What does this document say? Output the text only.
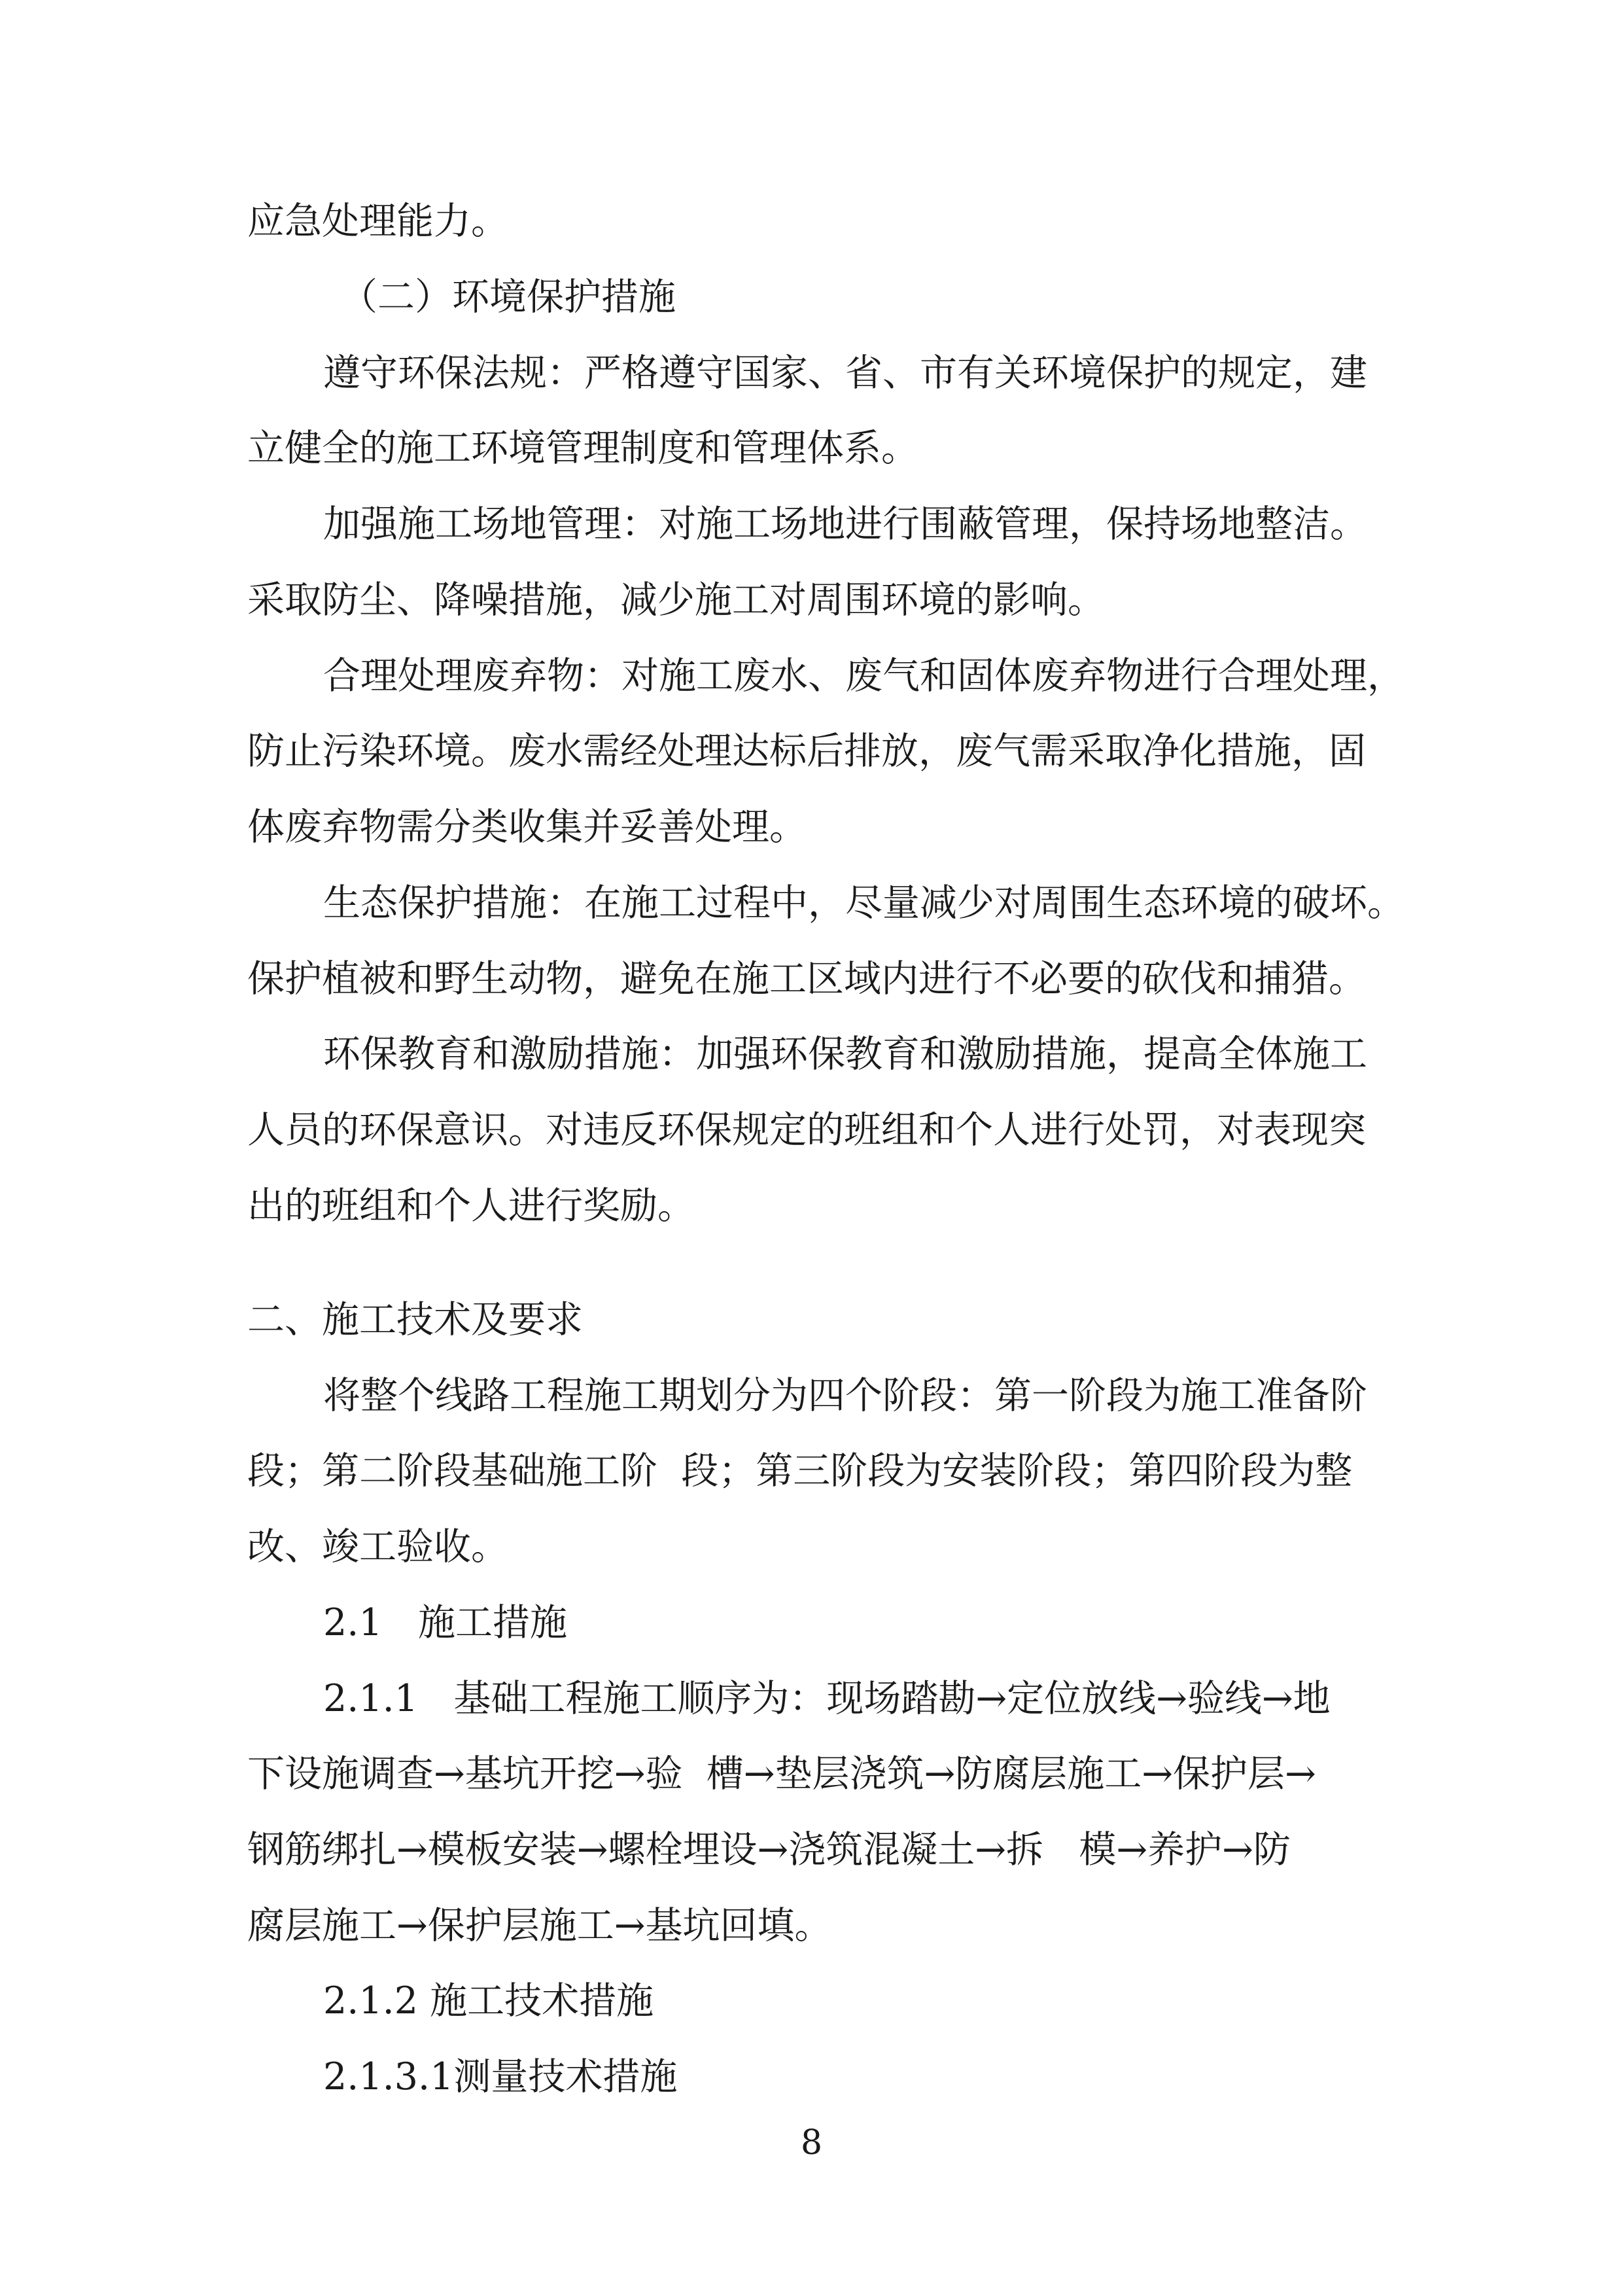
应急处理能力。
（二）环境保护措施
遵守环保法规：严格遵守国家、省、市有关环境保护的规定，建
立健全的施工环境管理制度和管理体系。
加强施工场地管理：对施工场地进行围蔽管理，保持场地整洁。
采取防尘、降噪措施，减少施工对周围环境的影响。
合理处理废弃物：对施工废水、废气和固体废弃物进行合理处理，
防止污染环境。废水需经处理达标后排放，废气需采取净化措施，固
体废弃物需分类收集并妥善处理。
生态保护措施：在施工过程中，尽量减少对周围生态环境的破坏。
保护植被和野生动物，避免在施工区域内进行不必要的砍伐和捕猎。
环保教育和激励措施：加强环保教育和激励措施，提高全体施工
人员的环保意识。对违反环保规定的班组和个人进行处罚，对表现突
出的班组和个人进行奖励。
二、施工技术及要求
将整个线路工程施工期划分为四个阶段：第一阶段为施工准备阶
段；第二阶段基础施工阶  段；第三阶段为安装阶段；第四阶段为整
改、竣工验收。
2.1   施工措施
2.1.1   基础工程施工顺序为：现场踏勘→定位放线→验线→地
下设施调查→基坑开挖→验  槽→垫层浇筑→防腐层施工→保护层→
钢筋绑扎→模板安装→螺栓埋设→浇筑混凝土→拆   模→养护→防
腐层施工→保护层施工→基坑回填。
2.1.2 施工技术措施
2.1.3.1测量技术措施
8
